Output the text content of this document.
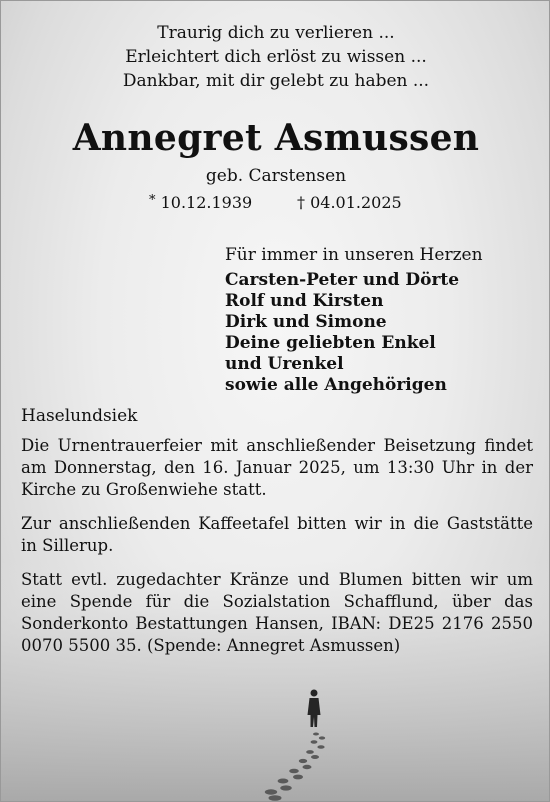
Traurig dich zu verlieren ...
Erleichtert dich erlöst zu wissen ...
Dankbar, mit dir gelebt zu haben ...
Annegret Asmussen
geb. Carstensen
* 10.12.1939	† 04.01.2025
Für immer in unseren Herzen
Carsten-Peter und Dörte
Rolf und Kirsten
Dirk und Simone
Deine geliebten Enkel
und Urenkel
sowie alle Angehörigen
Haselundsiek
Die Urnentrauerfeier mit anschließender Beisetzung findet am Donnerstag, den 16. Januar 2025, um 13:30 Uhr in der Kirche zu Großenwiehe statt.
Zur anschließenden Kaffeetafel bitten wir in die Gaststätte in Sillerup.
Statt evtl. zugedachter Kränze und Blumen bitten wir um eine Spende für die Sozialstation Schafflund, über das Sonderkonto Bestattungen Hansen, IBAN: DE25 2176 2550 0070 5500 35. (Spende: Annegret Asmussen)
